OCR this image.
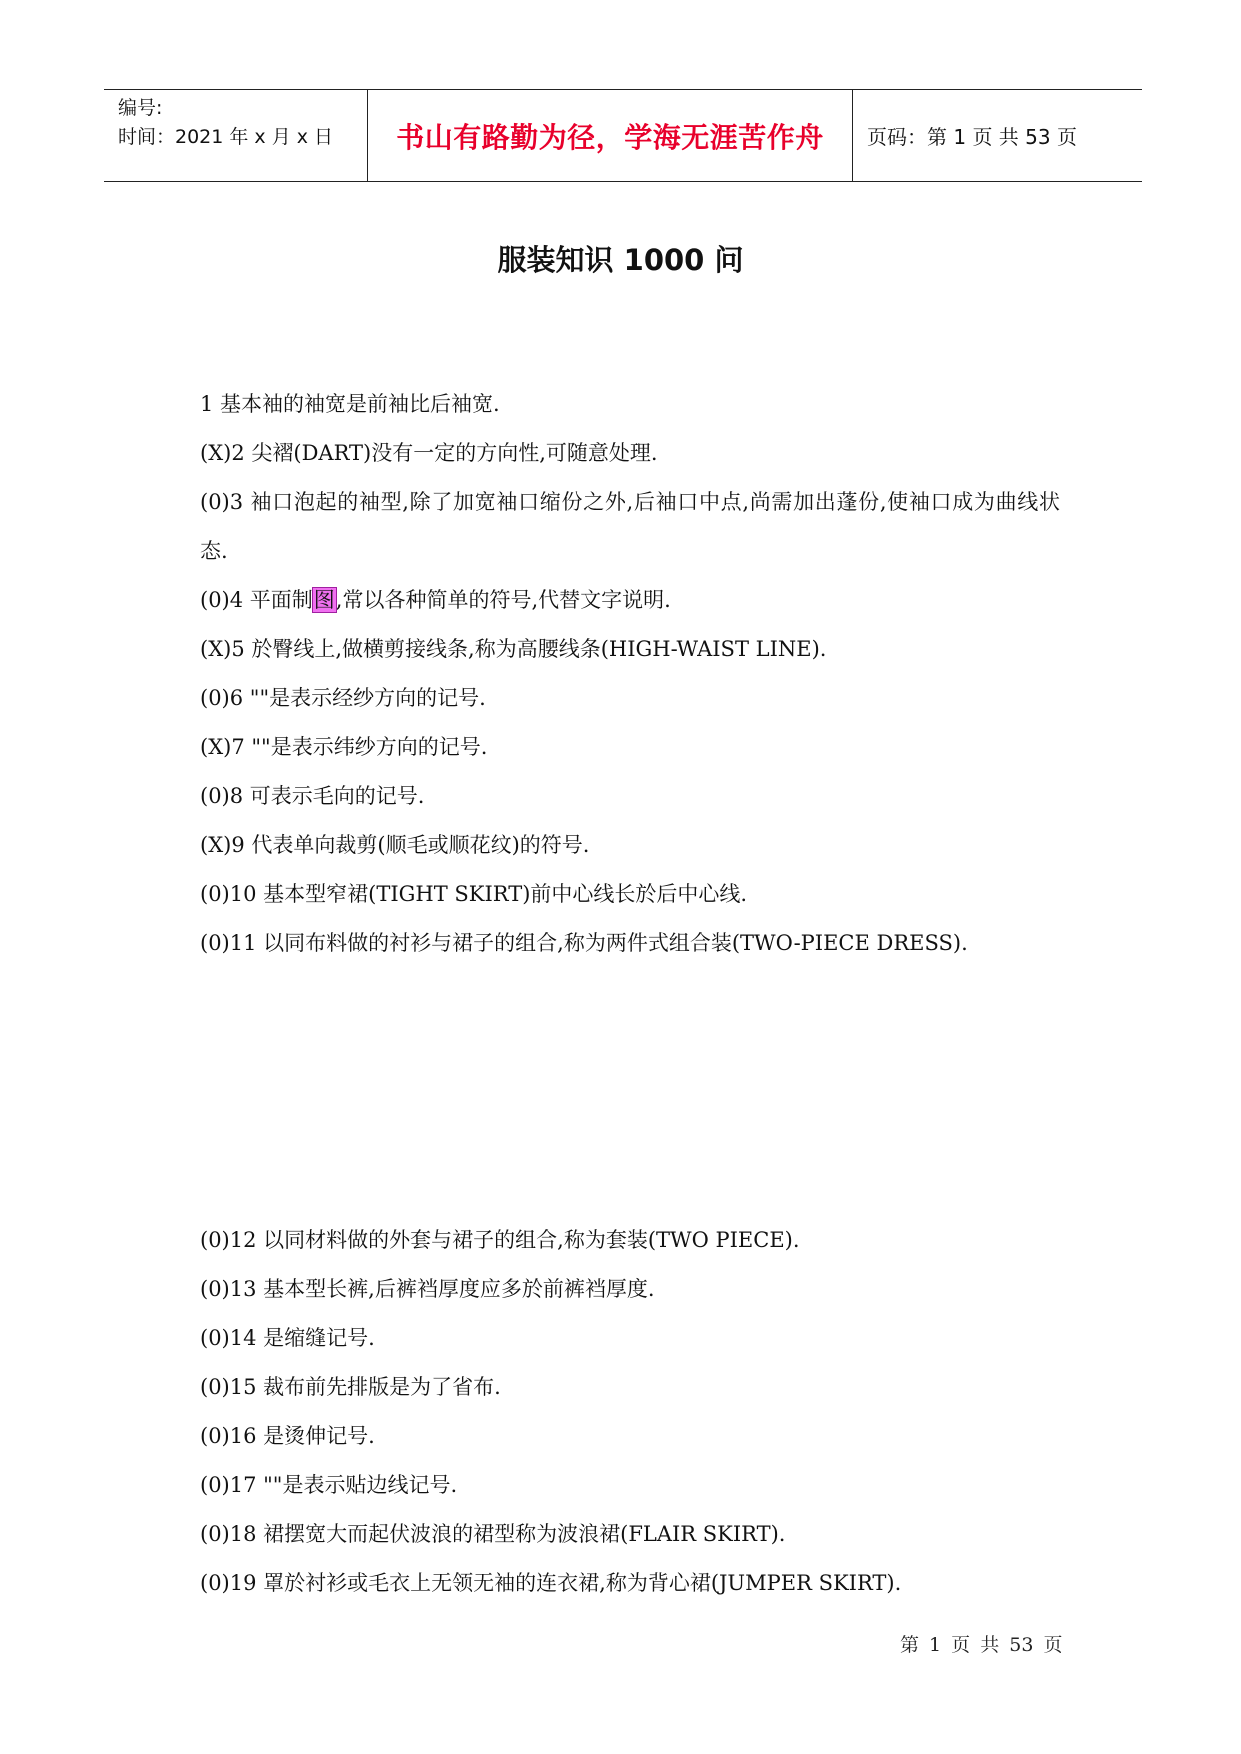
编号:
时间：2021 年 x 月 x 日	书山有路勤为径，学海无涯苦作舟	页码：第 1 页 共 53 页
服装知识 1000 问

1 基本袖的袖宽是前袖比后袖宽.

(X)2 尖褶(DART)没有一定的方向性,可随意处理.

(0)3 袖口泡起的袖型,除了加宽袖口缩份之外,后袖口中点,尚需加出蓬份,使袖口成为曲线状态.

(0)4 平面制图,常以各种简单的符号,代替文字说明.

(X)5 於臀线上,做横剪接线条,称为高腰线条(HIGH-WAIST LINE).

(0)6 ""是表示经纱方向的记号.

(X)7 ""是表示纬纱方向的记号.

(0)8 可表示毛向的记号.

(X)9 代表单向裁剪(顺毛或顺花纹)的符号.

(0)10 基本型窄裙(TIGHT SKIRT)前中心线长於后中心线.

(0)11 以同布料做的衬衫与裙子的组合,称为两件式组合装(TWO-PIECE DRESS).

(0)12 以同材料做的外套与裙子的组合,称为套装(TWO PIECE).

(0)13 基本型长裤,后裤裆厚度应多於前裤裆厚度.

(0)14 是缩缝记号.

(0)15 裁布前先排版是为了省布.

(0)16 是烫伸记号.

(0)17 ""是表示贴边线记号.

(0)18 裙摆宽大而起伏波浪的裙型称为波浪裙(FLAIR SKIRT).

(0)19 罩於衬衫或毛衣上无领无袖的连衣裙,称为背心裙(JUMPER SKIRT).

第 1 页 共 53 页
